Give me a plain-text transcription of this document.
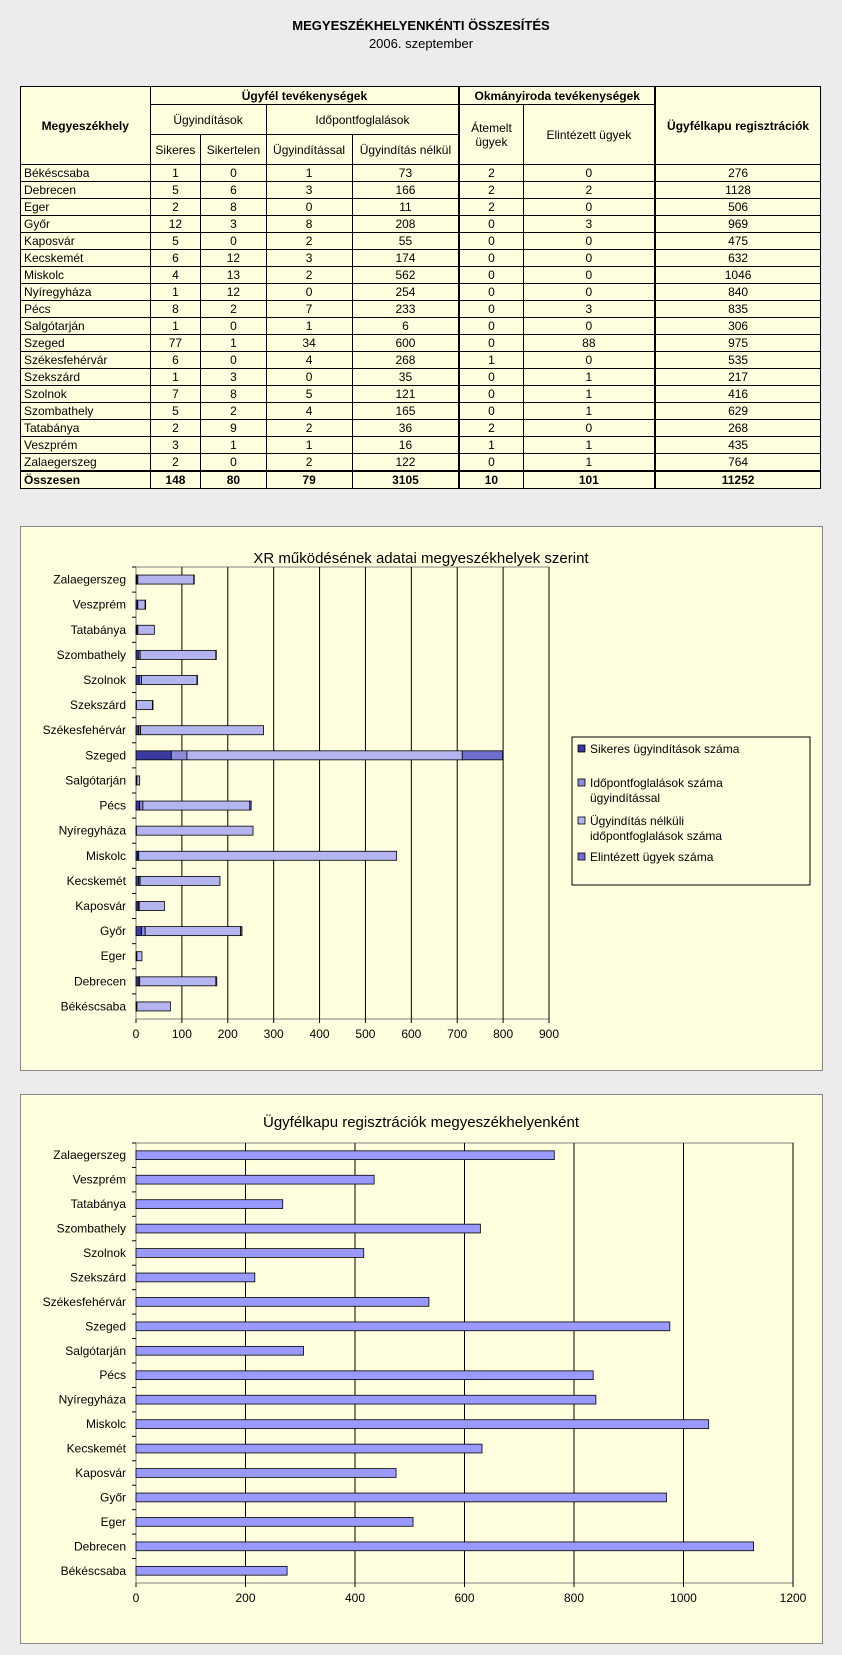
MEGYESZÉKHELYENKÉNTI ÖSSZESÍTÉS
2006. szeptember
Megyeszékhely	Ügyfél tevékenységek				Okmányiroda tevékenységek		Ügyfélkapu regisztrációk
	Ügyindítások		Időpontfoglalások		Átemelt ügyek	Elintézett ügyek	
	Sikeres	Sikertelen	Ügyindítással	Ügyindítás nélkül			
Békéscsaba	1	0	1	73	2	0	276
Debrecen	5	6	3	166	2	2	1128
Eger	2	8	0	11	2	0	506
Győr	12	3	8	208	0	3	969
Kaposvár	5	0	2	55	0	0	475
Kecskemét	6	12	3	174	0	0	632
Miskolc	4	13	2	562	0	0	1046
Nyíregyháza	1	12	0	254	0	0	840
Pécs	8	2	7	233	0	3	835
Salgótarján	1	0	1	6	0	0	306
Szeged	77	1	34	600	0	88	975
Székesfehérvár	6	0	4	268	1	0	535
Szekszárd	1	3	0	35	0	1	217
Szolnok	7	8	5	121	0	1	416
Szombathely	5	2	4	165	0	1	629
Tatabánya	2	9	2	36	2	0	268
Veszprém	3	1	1	16	1	1	435
Zalaegerszeg	2	0	2	122	0	1	764
Összesen	148	80	79	3105	10	101	11252
XR működésének adatai megyeszékhelyek szerint
0	100 200 300 400 500 600 700 800 900
Zalaegerszeg
Veszprém
Tatabánya
Szombathely
Szolnok
Szekszárd
Székesfehérvár
Szeged
Salgótarján
Pécs
Nyíregyháza
Miskolc
Kecskemét
Kaposvár
Győr
Eger
Debrecen
Békéscsaba
Sikeres ügyindítások száma
Időpontfoglalások száma ügyindítással
Ügyindítás nélküli időpontfoglalások száma
Elintézett ügyek száma
Ügyfélkapu regisztrációk megyeszékhelyenként
0	200	400	600	800	1000	1200
Zalaegerszeg
Veszprém
Tatabánya
Szombathely
Szolnok
Szekszárd
Székesfehérvár
Szeged
Salgótarján
Pécs
Nyíregyháza
Miskolc
Kecskemét
Kaposvár
Győr
Eger
Debrecen
Békéscsaba
